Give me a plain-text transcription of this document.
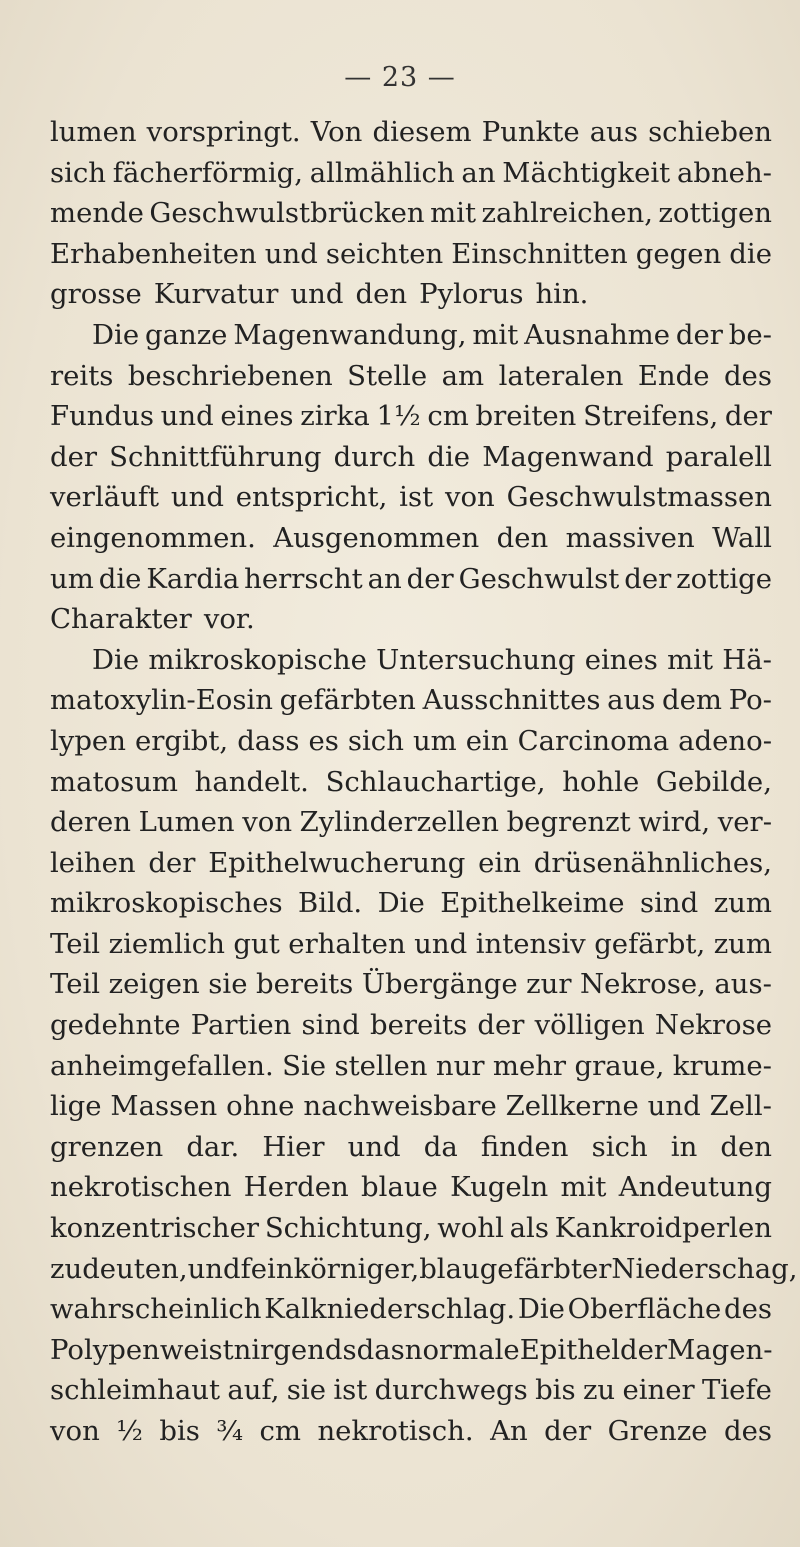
— 23 —
lumen vorspringt. Von diesem Punkte aus schieben
sich fächerförmig, allmählich an Mächtigkeit abneh-
mende Geschwulstbrücken mit zahlreichen, zottigen
Erhabenheiten und seichten Einschnitten gegen die
grosse Kurvatur und den Pylorus hin.
Die ganze Magenwandung, mit Ausnahme der be-
reits beschriebenen Stelle am lateralen Ende des
Fundus und eines zirka 1½ cm breiten Streifens, der
der Schnittführung durch die Magenwand paralell
verläuft und entspricht, ist von Geschwulstmassen
eingenommen. Ausgenommen den massiven Wall
um die Kardia herrscht an der Geschwulst der zottige
Charakter vor.
Die mikroskopische Untersuchung eines mit Hä-
matoxylin-Eosin gefärbten Ausschnittes aus dem Po-
lypen ergibt, dass es sich um ein Carcinoma adeno-
matosum handelt. Schlauchartige, hohle Gebilde,
deren Lumen von Zylinderzellen begrenzt wird, ver-
leihen der Epithelwucherung ein drüsenähnliches,
mikroskopisches Bild. Die Epithelkeime sind zum
Teil ziemlich gut erhalten und intensiv gefärbt, zum
Teil zeigen sie bereits Übergänge zur Nekrose, aus-
gedehnte Partien sind bereits der völligen Nekrose
anheimgefallen. Sie stellen nur mehr graue, krume-
lige Massen ohne nachweisbare Zellkerne und Zell-
grenzen dar. Hier und da finden sich in den
nekrotischen Herden blaue Kugeln mit Andeutung
konzentrischer Schichtung, wohl als Kankroidperlen
zu deuten, und feinkörniger, blaugefärbter Niederschag,
wahrscheinlich Kalkniederschlag. Die Oberfläche des
Polypen weist nirgends das normale Epithel der Magen-
schleimhaut auf, sie ist durchwegs bis zu einer Tiefe
von ½ bis ¾ cm nekrotisch. An der Grenze des
